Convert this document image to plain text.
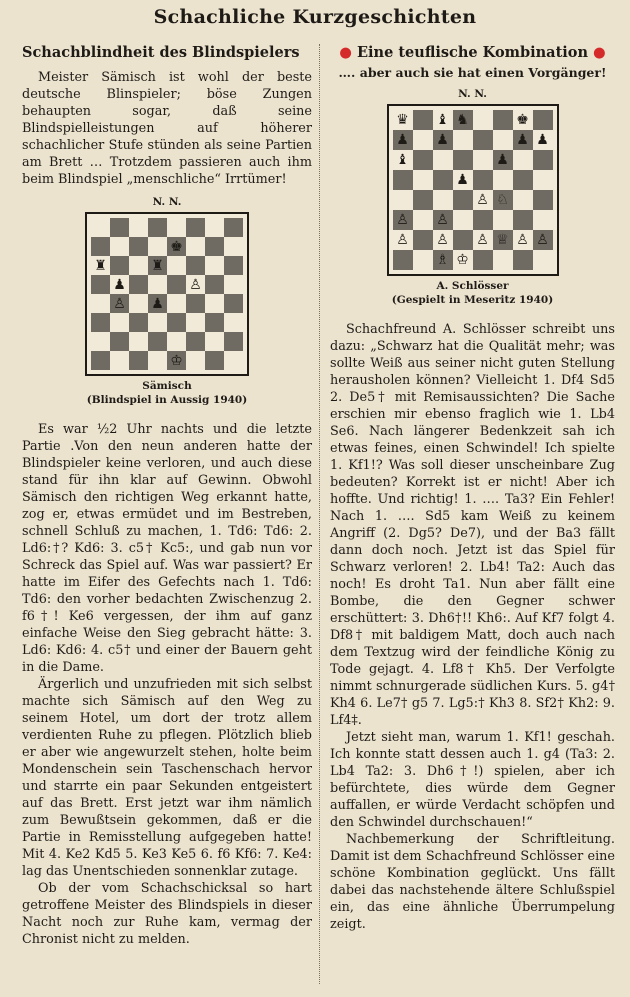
Schachliche Kurzgeschichten
Schachblindheit des Blindspielers

Meister Sämisch ist wohl der beste deutsche Blinspieler; böse Zungen behaupten sogar, daß seine Blindspielleistungen auf höherer schachlicher Stufe stünden als seine Partien am Brett … Trotzdem passieren auch ihm beim Blindspiel „menschliche“ Irrtümer!

N. N.
♚
♜	♜
♟	♙
♙ ♟
♔
Sämisch
(Blindspiel in Aussig 1940)

Es war ½2 Uhr nachts und die letzte Partie .Von den neun anderen hatte der Blindspieler keine verloren, und auch diese stand für ihn klar auf Gewinn. Obwohl Sämisch den richtigen Weg erkannt hatte, zog er, etwas ermüdet und im Bestreben, schnell Schluß zu machen, 1. Td6: Td6: 2. Ld6:†? Kd6: 3. c5† Kc5:, und gab nun vor Schreck das Spiel auf. Was war passiert? Er hatte im Eifer des Gefechts nach 1. Td6: Td6: den vorher bedachten Zwischenzug 2. f6†! Ke6 vergessen, der ihm auf ganz einfache Weise den Sieg gebracht hätte: 3. Ld6: Kd6: 4. c5† und einer der Bauern geht in die Dame.

Ärgerlich und unzufrieden mit sich selbst machte sich Sämisch auf den Weg zu seinem Hotel, um dort der trotz allem verdienten Ruhe zu pflegen. Plötzlich blieb er aber wie angewurzelt stehen, holte beim Mondenschein sein Taschenschach hervor und starrte ein paar Sekunden entgeistert auf das Brett. Erst jetzt war ihm nämlich zum Bewußtsein gekommen, daß er die Partie in Remisstellung aufgegeben hatte! Mit 4. Ke2 Kd5 5. Ke3 Ke5 6. f6 Kf6: 7. Ke4: lag das Unentschieden sonnenklar zutage.

Ob der vom Schachschicksal so hart getroffene Meister des Blindspiels in dieser Nacht noch zur Ruhe kam, vermag der Chronist nicht zu melden.

● Eine teuflische Kombination ●
…. aber auch sie hat einen Vorgänger!
N. N.
♛ ♝ ♞	♚
♟ ♟	♟ ♟
♝	♟
♟
♙ ♘
♙ ♙
♙ ♙ ♙ ♕ ♙ ♙
♗ ♔
A. Schlösser
(Gespielt in Meseritz 1940)

Schachfreund A. Schlösser schreibt uns dazu: „Schwarz hat die Qualität mehr; was sollte Weiß aus seiner nicht guten Stellung herausholen können? Vielleicht 1. Df4 Sd5 2. De5† mit Remisaussichten? Die Sache erschien mir ebenso fraglich wie 1. Lb4 Se6. Nach längerer Bedenkzeit sah ich etwas feines, einen Schwindel! Ich spielte 1. Kf1!? Was soll dieser unscheinbare Zug bedeuten? Korrekt ist er nicht! Aber ich hoffte. Und richtig! 1. …. Ta3? Ein Fehler! Nach 1. …. Sd5 kam Weiß zu keinem Angriff (2. Dg5? De7), und der Ba3 fällt dann doch noch. Jetzt ist das Spiel für Schwarz verloren! 2. Lb4! Ta2: Auch das noch! Es droht Ta1. Nun aber fällt eine Bombe, die den Gegner schwer erschüttert: 3. Dh6†!! Kh6:. Auf Kf7 folgt 4. Df8† mit baldigem Matt, doch auch nach dem Textzug wird der feindliche König zu Tode gejagt. 4. Lf8† Kh5. Der Verfolgte nimmt schnurgerade südlichen Kurs. 5. g4† Kh4 6. Le7† g5 7. Lg5:† Kh3 8. Sf2† Kh2: 9. Lf4‡.

Jetzt sieht man, warum 1. Kf1! geschah. Ich konnte statt dessen auch 1. g4 (Ta3: 2. Lb4 Ta2: 3. Dh6†!) spielen, aber ich befürchtete, dies würde dem Gegner auffallen, er würde Verdacht schöpfen und den Schwindel durchschauen!“

Nachbemerkung der Schriftleitung. Damit ist dem Schachfreund Schlösser eine schöne Kombination geglückt. Uns fällt dabei das nachstehende ältere Schlußspiel ein, das eine ähnliche Überrumpelung zeigt.
